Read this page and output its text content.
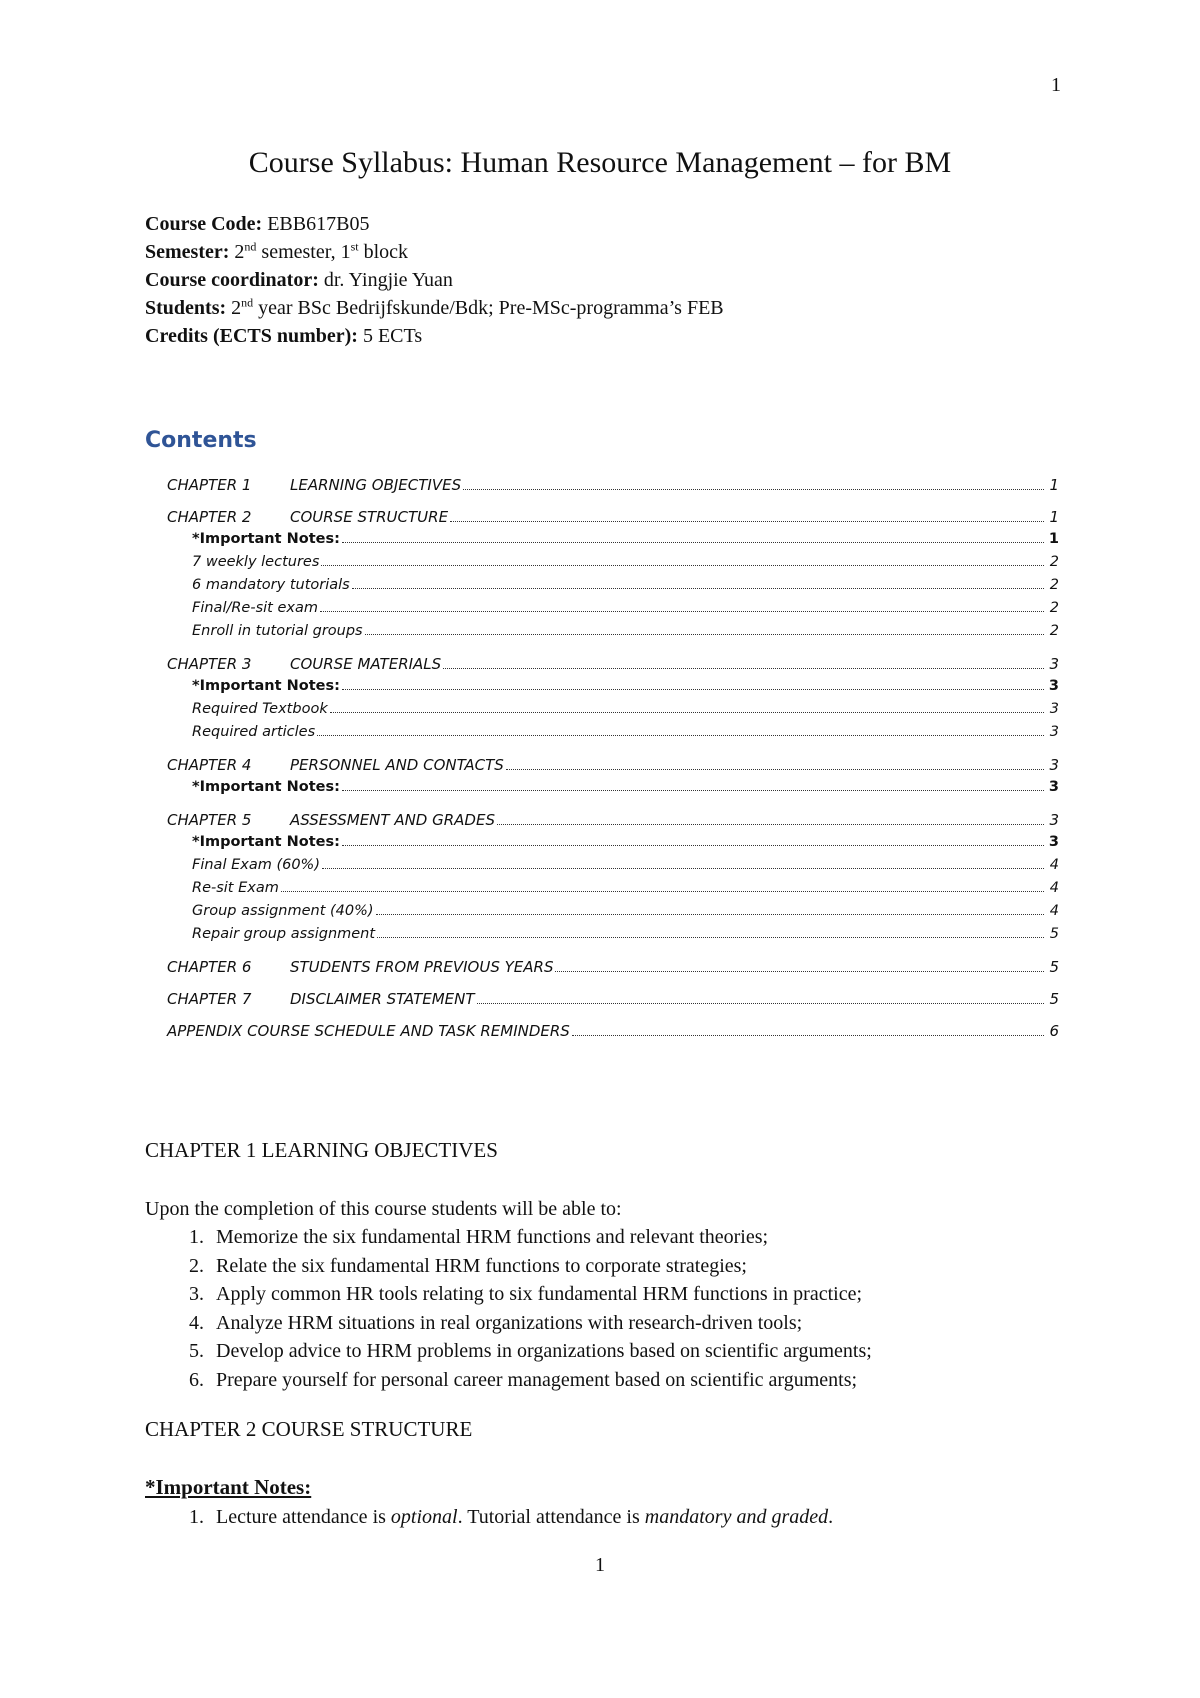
1
Course Syllabus: Human Resource Management – for BM
Course Code: EBB617B05
Semester: 2nd semester, 1st block
Course coordinator: dr. Yingjie Yuan
Students: 2nd year BSc Bedrijfskunde/Bdk; Pre-MSc-programma’s FEB
Credits (ECTS number): 5 ECTs
Contents
CHAPTER 1	LEARNING OBJECTIVES	1
CHAPTER 2	COURSE STRUCTURE	1
*Important Notes:	1
7 weekly lectures	2
6 mandatory tutorials	2
Final/Re-sit exam	2
Enroll in tutorial groups	2
CHAPTER 3	COURSE MATERIALS	3
*Important Notes:	3
Required Textbook	3
Required articles	3
CHAPTER 4	PERSONNEL AND CONTACTS	3
*Important Notes:	3
CHAPTER 5	ASSESSMENT AND GRADES	3
*Important Notes:	3
Final Exam (60%)	4
Re-sit Exam	4
Group assignment (40%)	4
Repair group assignment	5
CHAPTER 6	STUDENTS FROM PREVIOUS YEARS	5
CHAPTER 7	DISCLAIMER STATEMENT	5
APPENDIX COURSE SCHEDULE AND TASK REMINDERS	6
CHAPTER 1 LEARNING OBJECTIVES
Upon the completion of this course students will be able to:
1. Memorize the six fundamental HRM functions and relevant theories;
2. Relate the six fundamental HRM functions to corporate strategies;
3. Apply common HR tools relating to six fundamental HRM functions in practice;
4. Analyze HRM situations in real organizations with research-driven tools;
5. Develop advice to HRM problems in organizations based on scientific arguments;
6. Prepare yourself for personal career management based on scientific arguments;
CHAPTER 2 COURSE STRUCTURE
*Important Notes:
1. Lecture attendance is optional. Tutorial attendance is mandatory and graded.
1
